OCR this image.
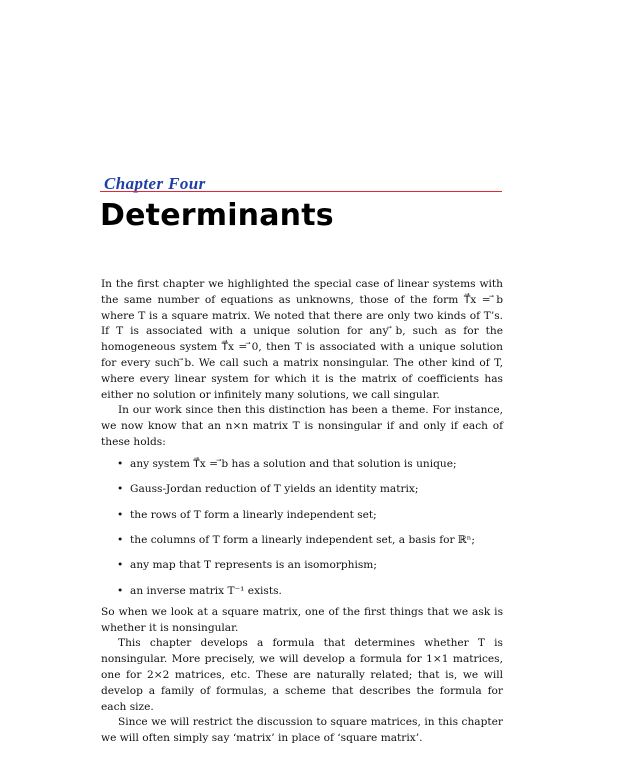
Chapter Four
Determinants

In the first chapter we highlighted the special case of linear systems with the same number of equations as unknowns, those of the form T⃗x = ⃗b where T is a square matrix. We noted that there are only two kinds of T’s. If T is associated with a unique solution for any ⃗b, such as for the homogeneous system T⃗x = ⃗0, then T is associated with a unique solution for every such ⃗b. We call such a matrix nonsingular. The other kind of T, where every linear system for which it is the matrix of coefficients has either no solution or infinitely many solutions, we call singular.

In our work since then this distinction has been a theme. For instance, we now know that an n×n matrix T is nonsingular if and only if each of these holds:

• any system T⃗x = ⃗b has a solution and that solution is unique;
• Gauss-Jordan reduction of T yields an identity matrix;
• the rows of T form a linearly independent set;
• the columns of T form a linearly independent set, a basis for ℝⁿ;
• any map that T represents is an isomorphism;
• an inverse matrix T⁻¹ exists.

So when we look at a square matrix, one of the first things that we ask is whether it is nonsingular.

This chapter develops a formula that determines whether T is nonsingular. More precisely, we will develop a formula for 1×1 matrices, one for 2×2 matrices, etc. These are naturally related; that is, we will develop a family of formulas, a scheme that describes the formula for each size.

Since we will restrict the discussion to square matrices, in this chapter we will often simply say ‘matrix’ in place of ‘square matrix’.
